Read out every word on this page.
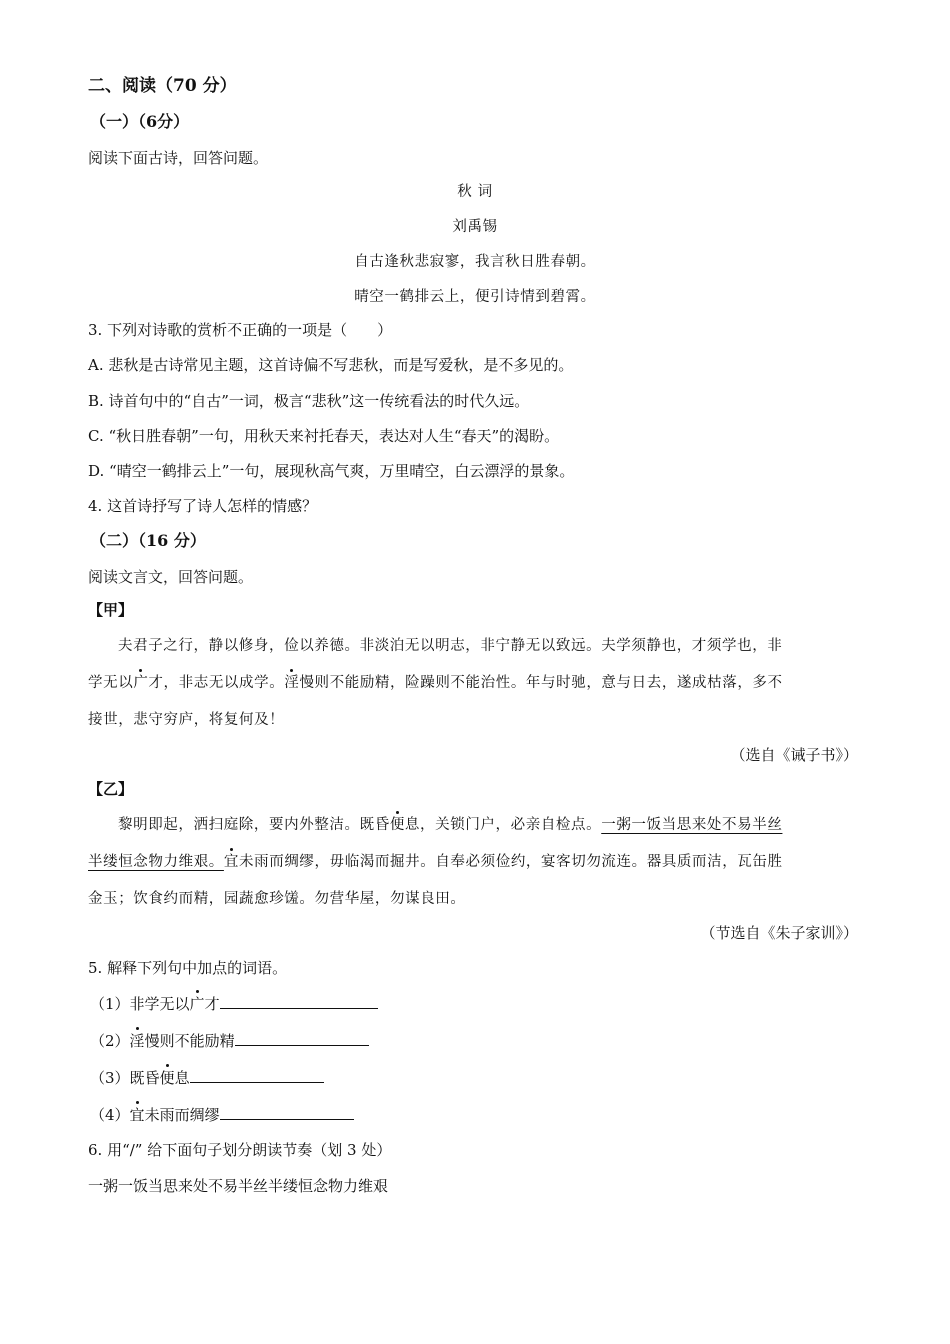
二、阅读（70 分）
（一）（6分）
阅读下面古诗，回答问题。
秋 词
刘禹锡
自古逢秋悲寂寥，我言秋日胜春朝。
晴空一鹤排云上，便引诗情到碧霄。
3. 下列对诗歌的赏析不正确的一项是（　　）
A. 悲秋是古诗常见主题，这首诗偏不写悲秋，而是写爱秋，是不多见的。
B. 诗首句中的“自古”一词，极言“悲秋”这一传统看法的时代久远。
C. “秋日胜春朝”一句，用秋天来衬托春天，表达对人生“春天”的渴盼。
D. “晴空一鹤排云上”一句，展现秋高气爽，万里晴空，白云漂浮的景象。
4. 这首诗抒写了诗人怎样的情感？
（二）（16 分）
阅读文言文，回答问题。
【甲】
夫君子之行，静以修身，俭以养德。非淡泊无以明志，非宁静无以致远。夫学须静也，才须学也，非
学无以广才，非志无以成学。淫慢则不能励精，险躁则不能治性。年与时驰，意与日去，遂成枯落，多不
接世，悲守穷庐，将复何及！
（选自《诫子书》）
【乙】
黎明即起，洒扫庭除，要内外整洁。既昏便息，关锁门户，必亲自检点。一粥一饭当思来处不易半丝
半缕恒念物力维艰。宜未雨而绸缪，毋临渴而掘井。自奉必须俭约，宴客切勿流连。器具质而洁，瓦缶胜
金玉；饮食约而精，园蔬愈珍馐。勿营华屋，勿谋良田。
（节选自《朱子家训》）
5. 解释下列句中加点的词语。
（1）非学无以广才
（2）淫慢则不能励精
（3）既昏便息
（4）宜未雨而绸缪
6. 用“/” 给下面句子划分朗读节奏（划 3 处）
一粥一饭当思来处不易半丝半缕恒念物力维艰
